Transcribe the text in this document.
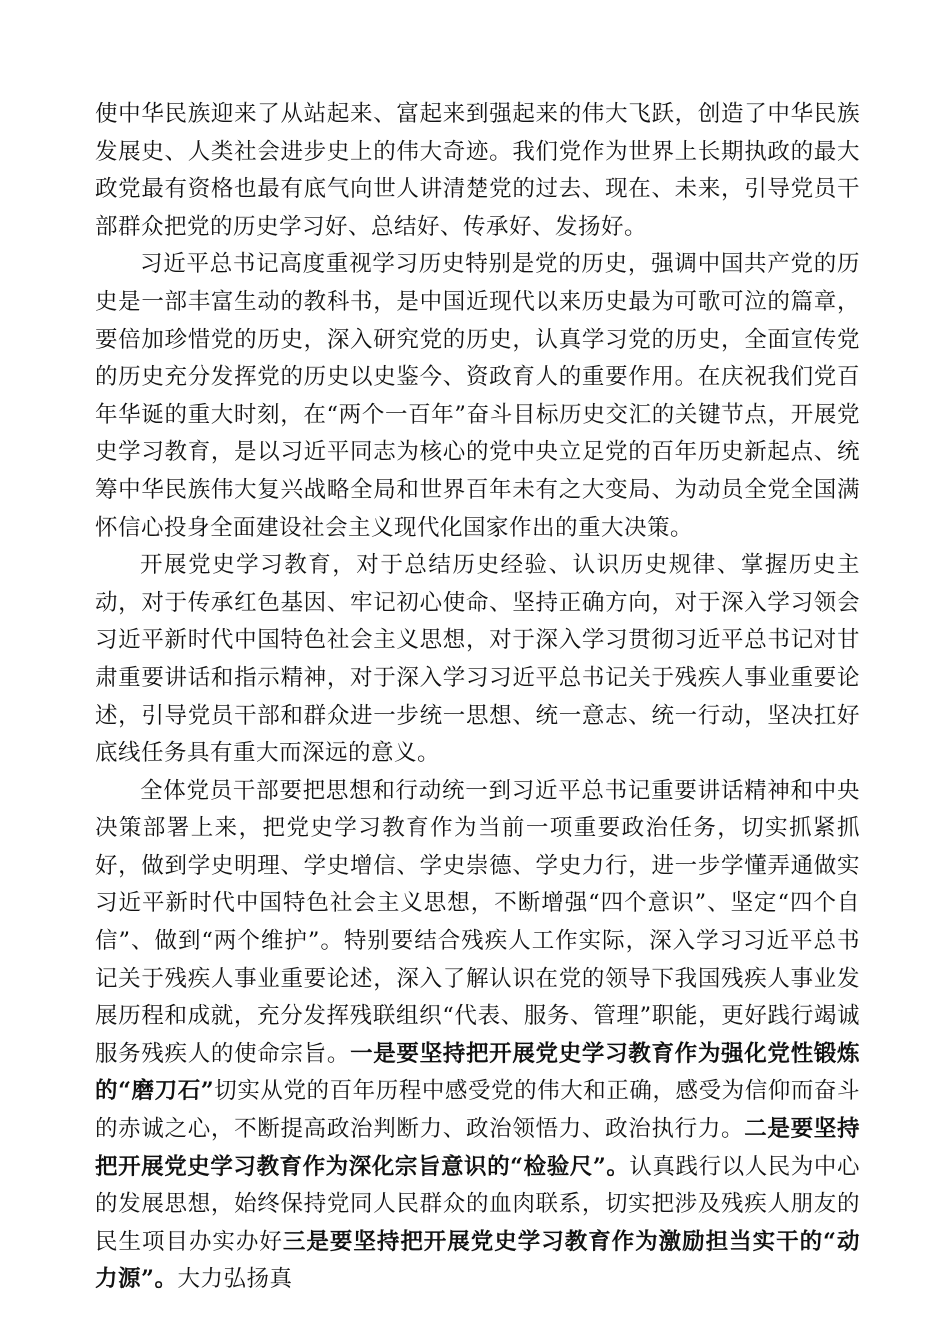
使中华民族迎来了从站起来、富起来到强起来的伟大飞跃，创造了中华民族发展史、人类社会进步史上的伟大奇迹。我们党作为世界上长期执政的最大政党最有资格也最有底气向世人讲清楚党的过去、现在、未来，引导党员干部群众把党的历史学习好、总结好、传承好、发扬好。

习近平总书记高度重视学习历史特别是党的历史，强调中国共产党的历史是一部丰富生动的教科书，是中国近现代以来历史最为可歌可泣的篇章，要倍加珍惜党的历史，深入研究党的历史，认真学习党的历史，全面宣传党的历史充分发挥党的历史以史鉴今、资政育人的重要作用。在庆祝我们党百年华诞的重大时刻，在“两个一百年”奋斗目标历史交汇的关键节点，开展党史学习教育，是以习近平同志为核心的党中央立足党的百年历史新起点、统筹中华民族伟大复兴战略全局和世界百年未有之大变局、为动员全党全国满怀信心投身全面建设社会主义现代化国家作出的重大决策。

开展党史学习教育，对于总结历史经验、认识历史规律、掌握历史主动，对于传承红色基因、牢记初心使命、坚持正确方向，对于深入学习领会习近平新时代中国特色社会主义思想，对于深入学习贯彻习近平总书记对甘肃重要讲话和指示精神，对于深入学习习近平总书记关于残疾人事业重要论述，引导党员干部和群众进一步统一思想、统一意志、统一行动，坚决扛好底线任务具有重大而深远的意义。

全体党员干部要把思想和行动统一到习近平总书记重要讲话精神和中央决策部署上来，把党史学习教育作为当前一项重要政治任务，切实抓紧抓好，做到学史明理、学史增信、学史崇德、学史力行，进一步学懂弄通做实习近平新时代中国特色社会主义思想，不断增强“四个意识”、坚定“四个自信”、做到“两个维护”。特别要结合残疾人工作实际，深入学习习近平总书记关于残疾人事业重要论述，深入了解认识在党的领导下我国残疾人事业发展历程和成就，充分发挥残联组织“代表、服务、管理”职能，更好践行竭诚服务残疾人的使命宗旨。一是要坚持把开展党史学习教育作为强化党性锻炼的“磨刀石”切实从党的百年历程中感受党的伟大和正确，感受为信仰而奋斗的赤诚之心，不断提高政治判断力、政治领悟力、政治执行力。二是要坚持把开展党史学习教育作为深化宗旨意识的“检验尺”。认真践行以人民为中心的发展思想，始终保持党同人民群众的血肉联系，切实把涉及残疾人朋友的民生项目办实办好三是要坚持把开展党史学习教育作为激励担当实干的“动力源”。大力弘扬真
